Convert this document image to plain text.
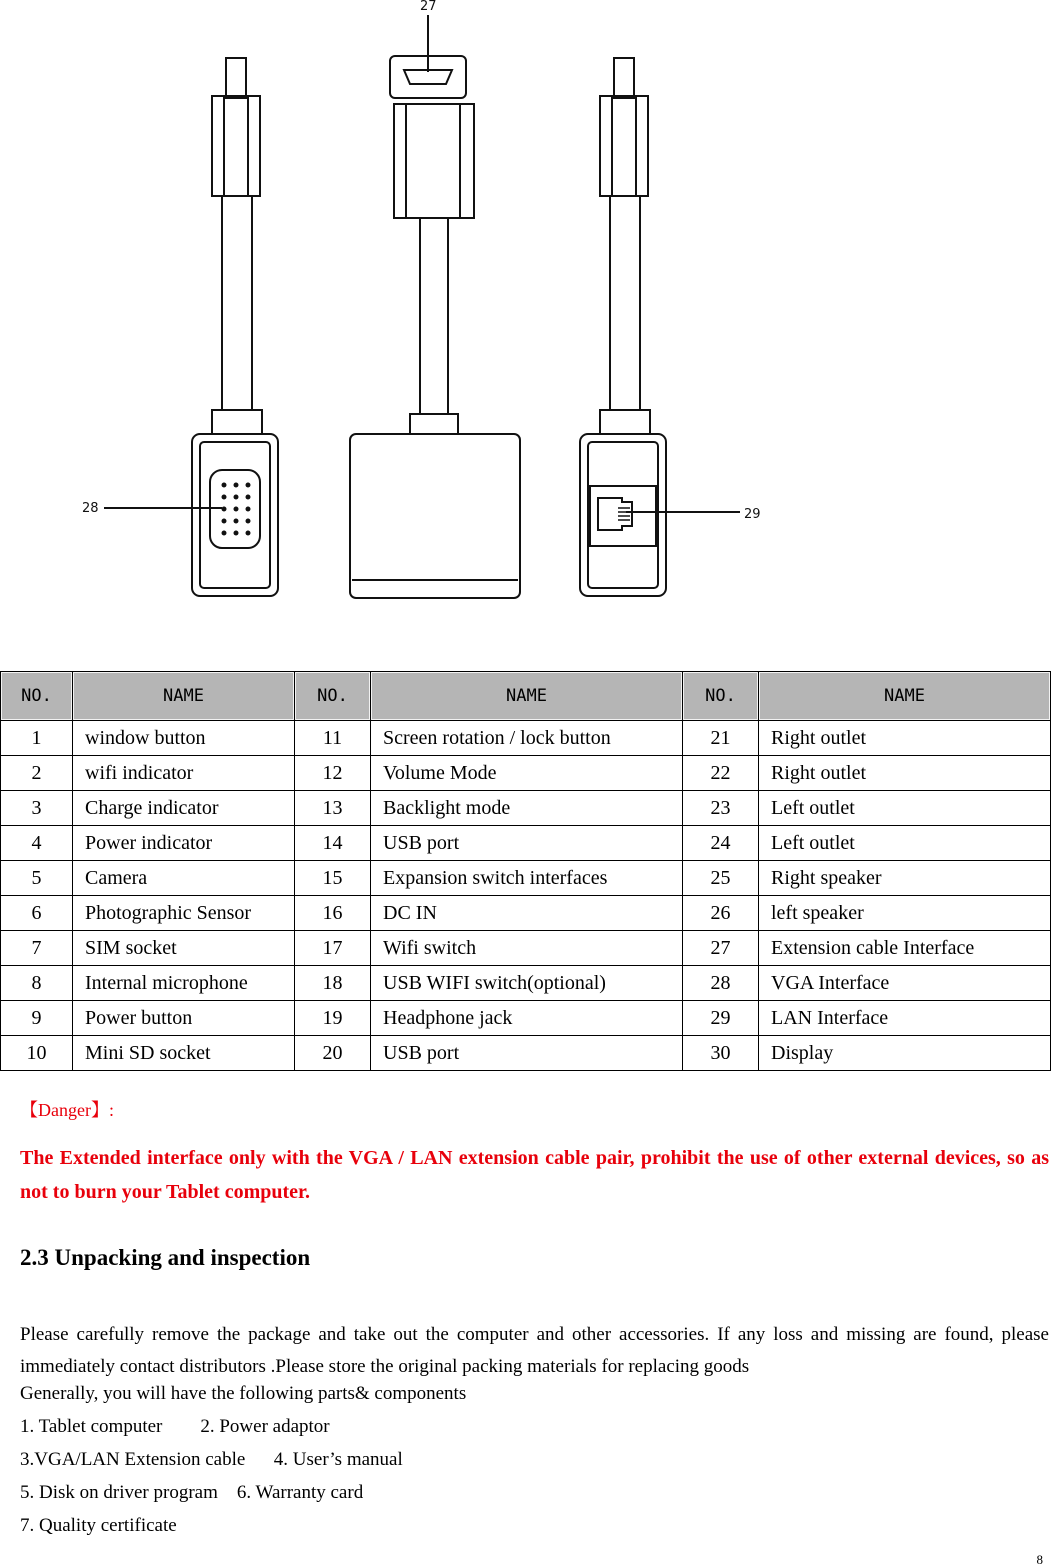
27
28	29
NO.	NAME	NO.	NAME	NO.	NAME
1	window button	11	Screen rotation / lock button	21	Right outlet
2	wifi indicator	12	Volume Mode	22	Right outlet
3	Charge indicator	13	Backlight mode	23	Left outlet
4	Power indicator	14	USB port	24	Left outlet
5	Camera	15	Expansion switch interfaces	25	Right speaker
6	Photographic Sensor	16	DC IN	26	left speaker
7	SIM socket	17	Wifi switch	27	Extension cable Interface
8	Internal microphone	18	USB WIFI switch(optional)	28	VGA Interface
9	Power button	19	Headphone jack	29	LAN Interface
10	Mini SD socket	20	USB port	30	Display
【Danger】:
The Extended interface only with the VGA / LAN extension cable pair, prohibit the use of other external devices, so as not to burn your Tablet computer.
2.3 Unpacking and inspection
Please carefully remove the package and take out the computer and other accessories. If any loss and missing are found, please immediately contact distributors .Please store the original packing materials for replacing goods
Generally, you will have the following parts& components
1. Tablet computer        2. Power adaptor
3.VGA/LAN Extension cable      4. User’s manual
5. Disk on driver program    6. Warranty card
7. Quality certificate
8
